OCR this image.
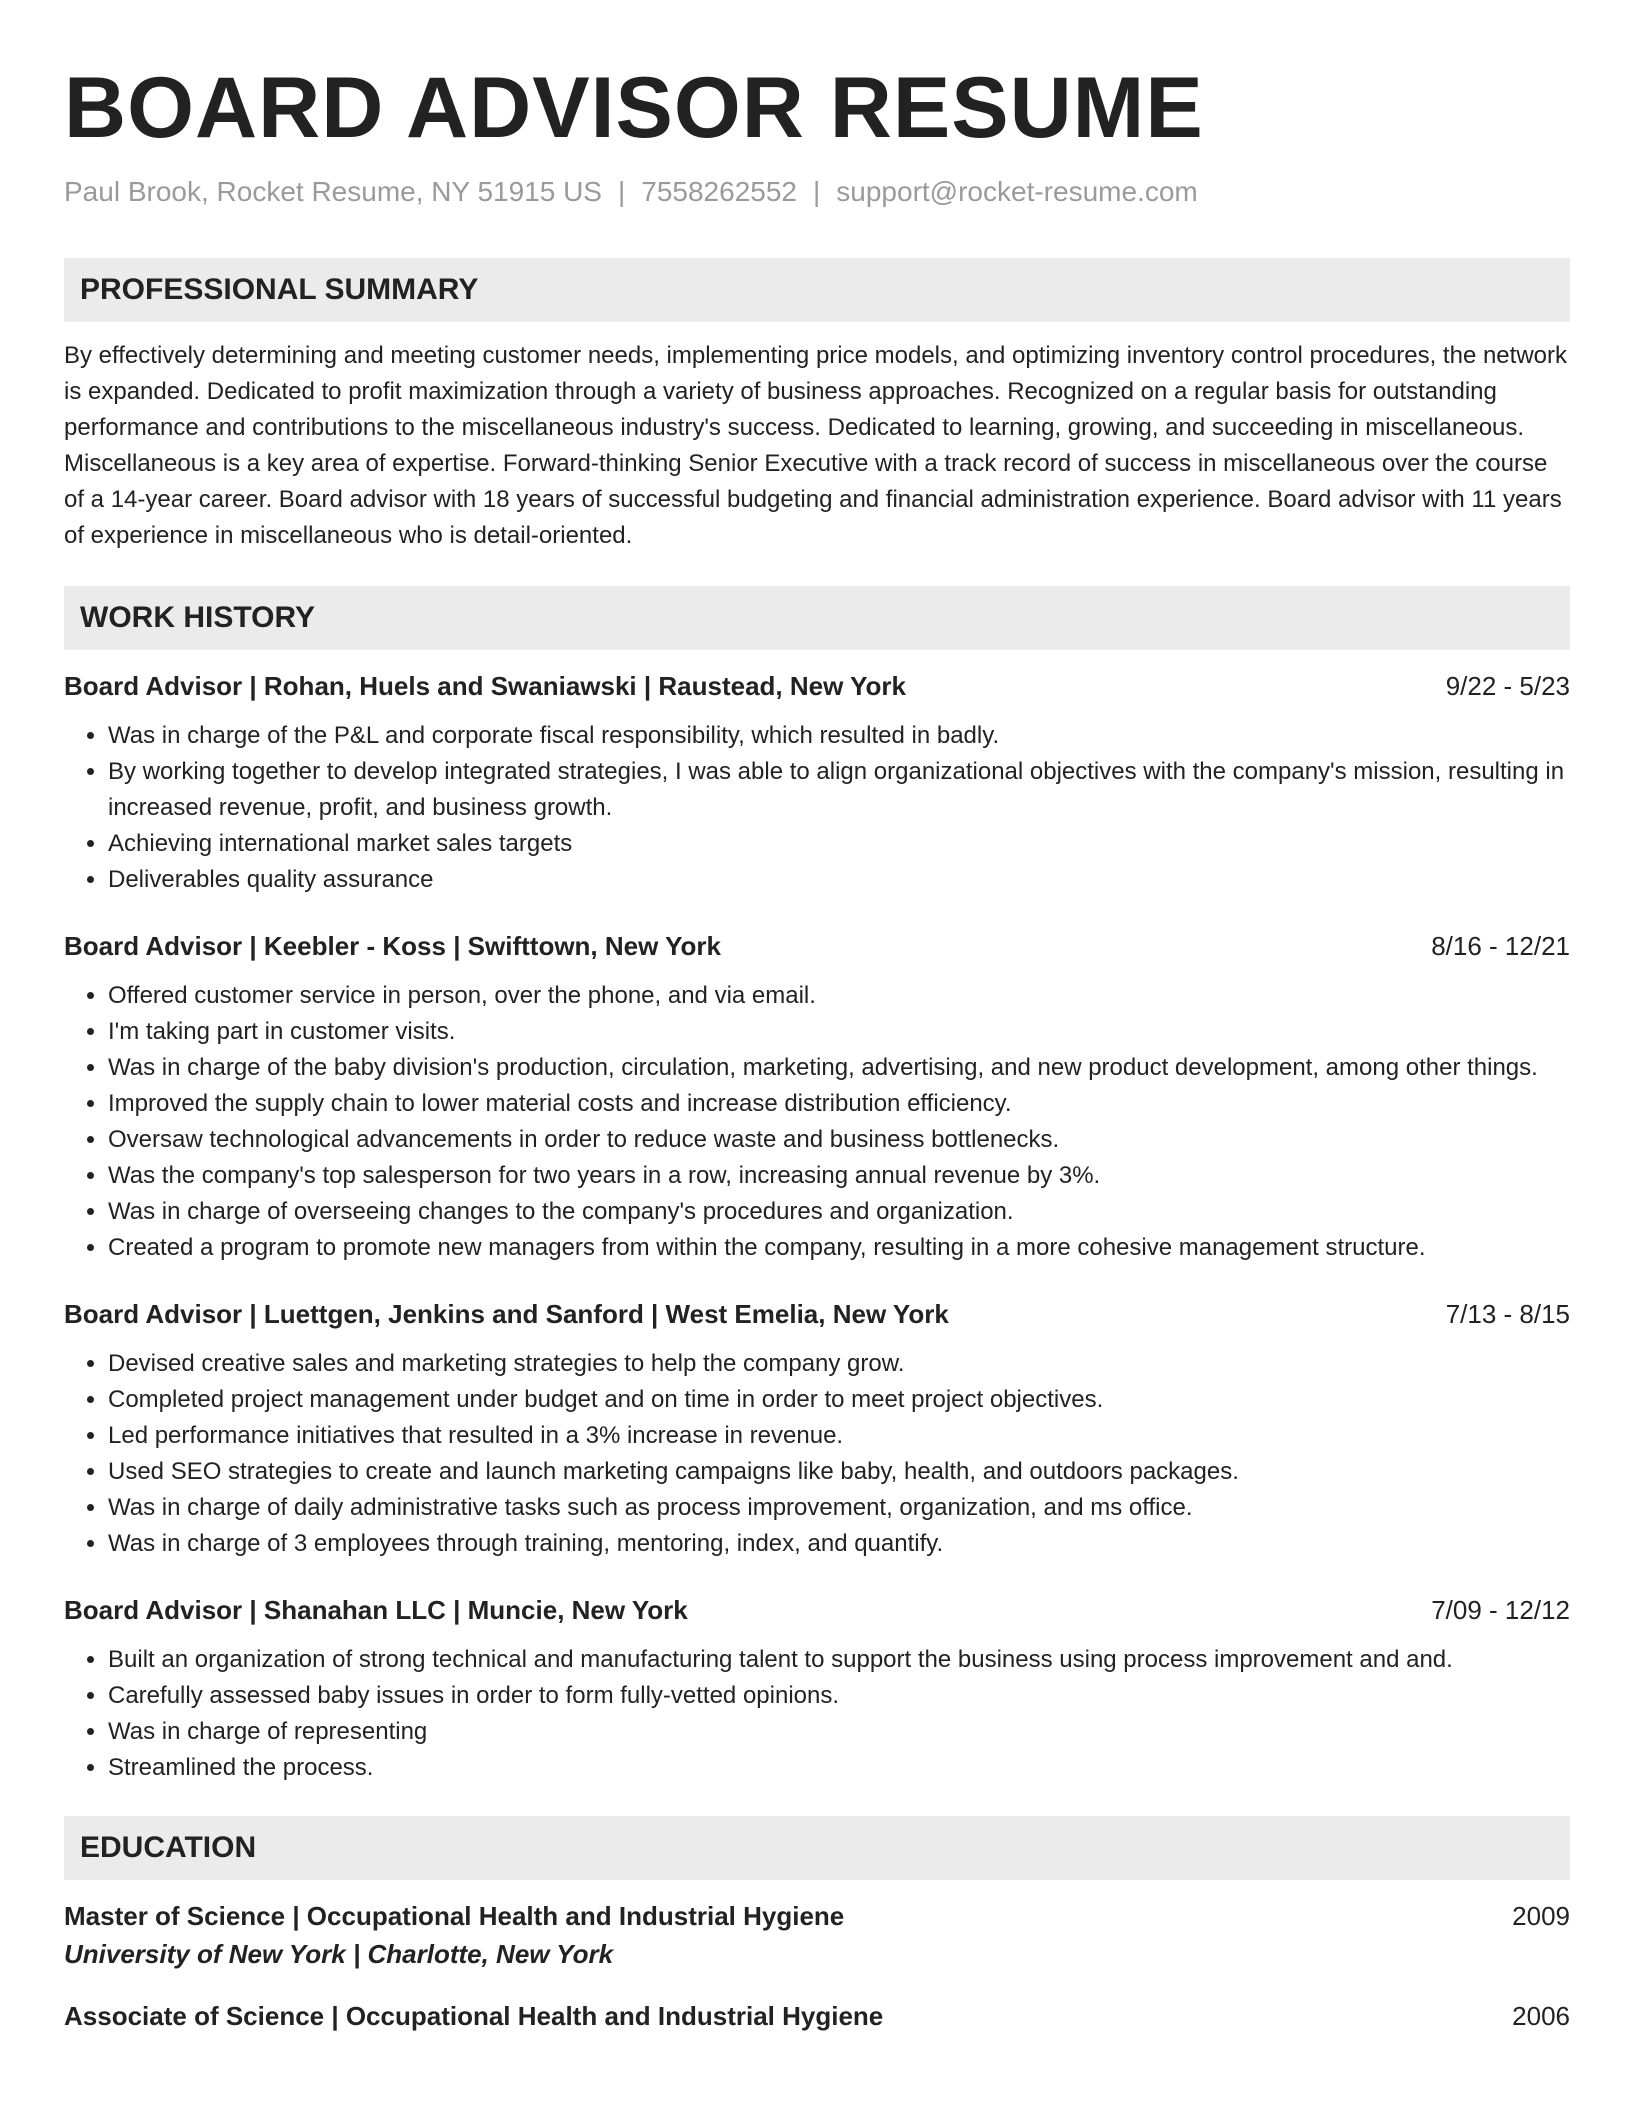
BOARD ADVISOR RESUME
Paul Brook, Rocket Resume, NY 51915 US | 7558262552 | support@rocket-resume.com
PROFESSIONAL SUMMARY

By effectively determining and meeting customer needs, implementing price models, and optimizing inventory control procedures, the network is expanded. Dedicated to profit maximization through a variety of business approaches. Recognized on a regular basis for outstanding performance and contributions to the miscellaneous industry's success. Dedicated to learning, growing, and succeeding in miscellaneous. Miscellaneous is a key area of expertise. Forward-thinking Senior Executive with a track record of success in miscellaneous over the course of a 14-year career. Board advisor with 18 years of successful budgeting and financial administration experience. Board advisor with 11 years of experience in miscellaneous who is detail-oriented.

WORK HISTORY
Board Advisor | Rohan, Huels and Swaniawski | Raustead, New York	9/22 - 5/23
• Was in charge of the P&L and corporate fiscal responsibility, which resulted in badly.
• By working together to develop integrated strategies, I was able to align organizational objectives with the company's mission, resulting in increased revenue, profit, and business growth.
• Achieving international market sales targets
• Deliverables quality assurance
Board Advisor | Keebler - Koss | Swifttown, New York	8/16 - 12/21
• Offered customer service in person, over the phone, and via email.
• I'm taking part in customer visits.
• Was in charge of the baby division's production, circulation, marketing, advertising, and new product development, among other things.
• Improved the supply chain to lower material costs and increase distribution efficiency.
• Oversaw technological advancements in order to reduce waste and business bottlenecks.
• Was the company's top salesperson for two years in a row, increasing annual revenue by 3%.
• Was in charge of overseeing changes to the company's procedures and organization.
• Created a program to promote new managers from within the company, resulting in a more cohesive management structure.
Board Advisor | Luettgen, Jenkins and Sanford | West Emelia, New York	7/13 - 8/15
• Devised creative sales and marketing strategies to help the company grow.
• Completed project management under budget and on time in order to meet project objectives.
• Led performance initiatives that resulted in a 3% increase in revenue.
• Used SEO strategies to create and launch marketing campaigns like baby, health, and outdoors packages.
• Was in charge of daily administrative tasks such as process improvement, organization, and ms office.
• Was in charge of 3 employees through training, mentoring, index, and quantify.
Board Advisor | Shanahan LLC | Muncie, New York	7/09 - 12/12
• Built an organization of strong technical and manufacturing talent to support the business using process improvement and and.
• Carefully assessed baby issues in order to form fully-vetted opinions.
• Was in charge of representing
• Streamlined the process.
EDUCATION
Master of Science | Occupational Health and Industrial Hygiene	2009
University of New York | Charlotte, New York
Associate of Science | Occupational Health and Industrial Hygiene	2006
